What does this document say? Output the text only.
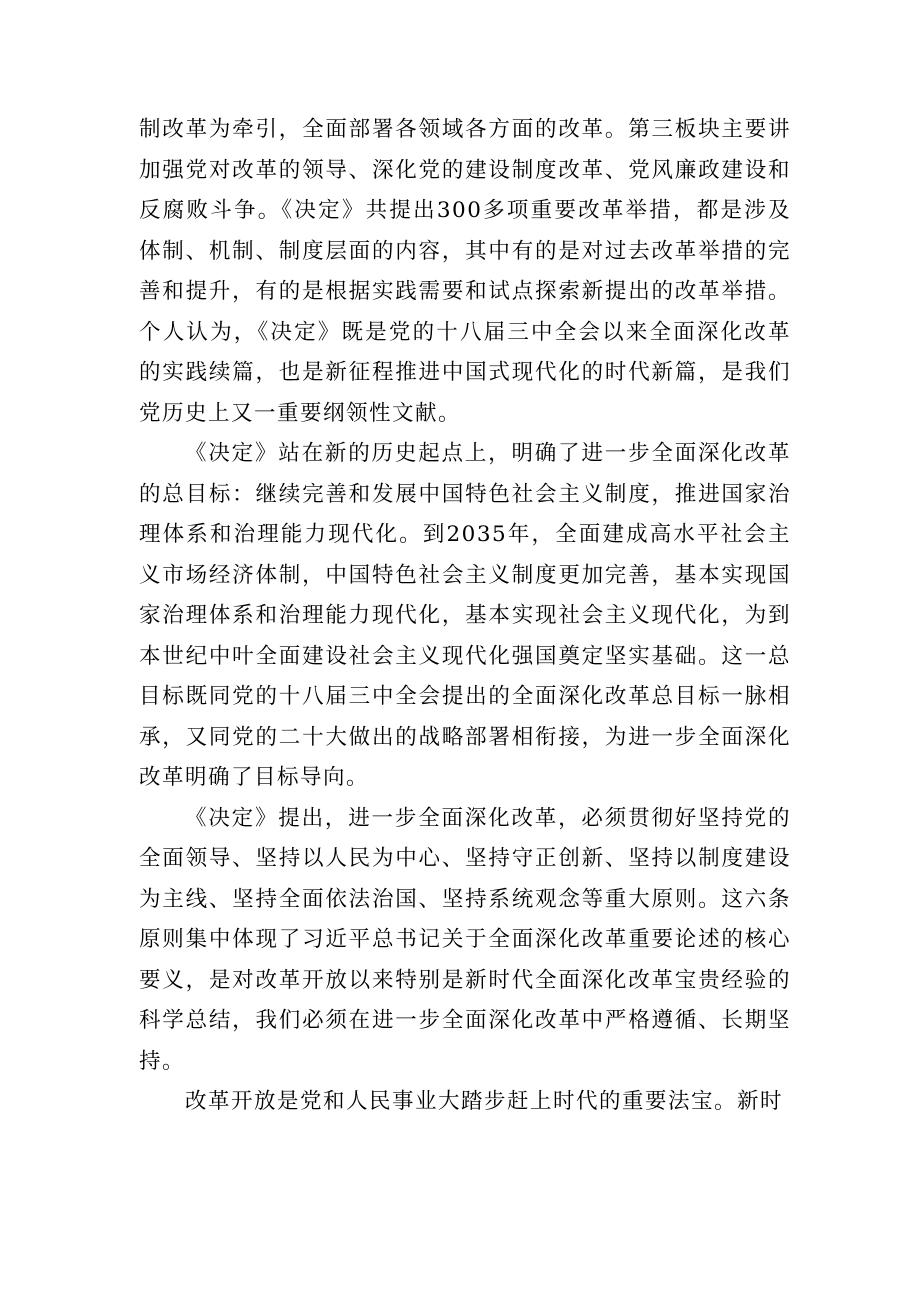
制改革为牵引，全面部署各领域各方面的改革。第三板块主要讲加强党对改革的领导、深化党的建设制度改革、党风廉政建设和反腐败斗争。《决定》共提出300多项重要改革举措，都是涉及体制、机制、制度层面的内容，其中有的是对过去改革举措的完善和提升，有的是根据实践需要和试点探索新提出的改革举措。个人认为，《决定》既是党的十八届三中全会以来全面深化改革的实践续篇，也是新征程推进中国式现代化的时代新篇，是我们党历史上又一重要纲领性文献。

《决定》站在新的历史起点上，明确了进一步全面深化改革的总目标：继续完善和发展中国特色社会主义制度，推进国家治理体系和治理能力现代化。到2035年，全面建成高水平社会主义市场经济体制，中国特色社会主义制度更加完善，基本实现国家治理体系和治理能力现代化，基本实现社会主义现代化，为到本世纪中叶全面建设社会主义现代化强国奠定坚实基础。这一总目标既同党的十八届三中全会提出的全面深化改革总目标一脉相承，又同党的二十大做出的战略部署相衔接，为进一步全面深化改革明确了目标导向。

《决定》提出，进一步全面深化改革，必须贯彻好坚持党的全面领导、坚持以人民为中心、坚持守正创新、坚持以制度建设为主线、坚持全面依法治国、坚持系统观念等重大原则。这六条原则集中体现了习近平总书记关于全面深化改革重要论述的核心要义，是对改革开放以来特别是新时代全面深化改革宝贵经验的科学总结，我们必须在进一步全面深化改革中严格遵循、长期坚持。

改革开放是党和人民事业大踏步赶上时代的重要法宝。新时
